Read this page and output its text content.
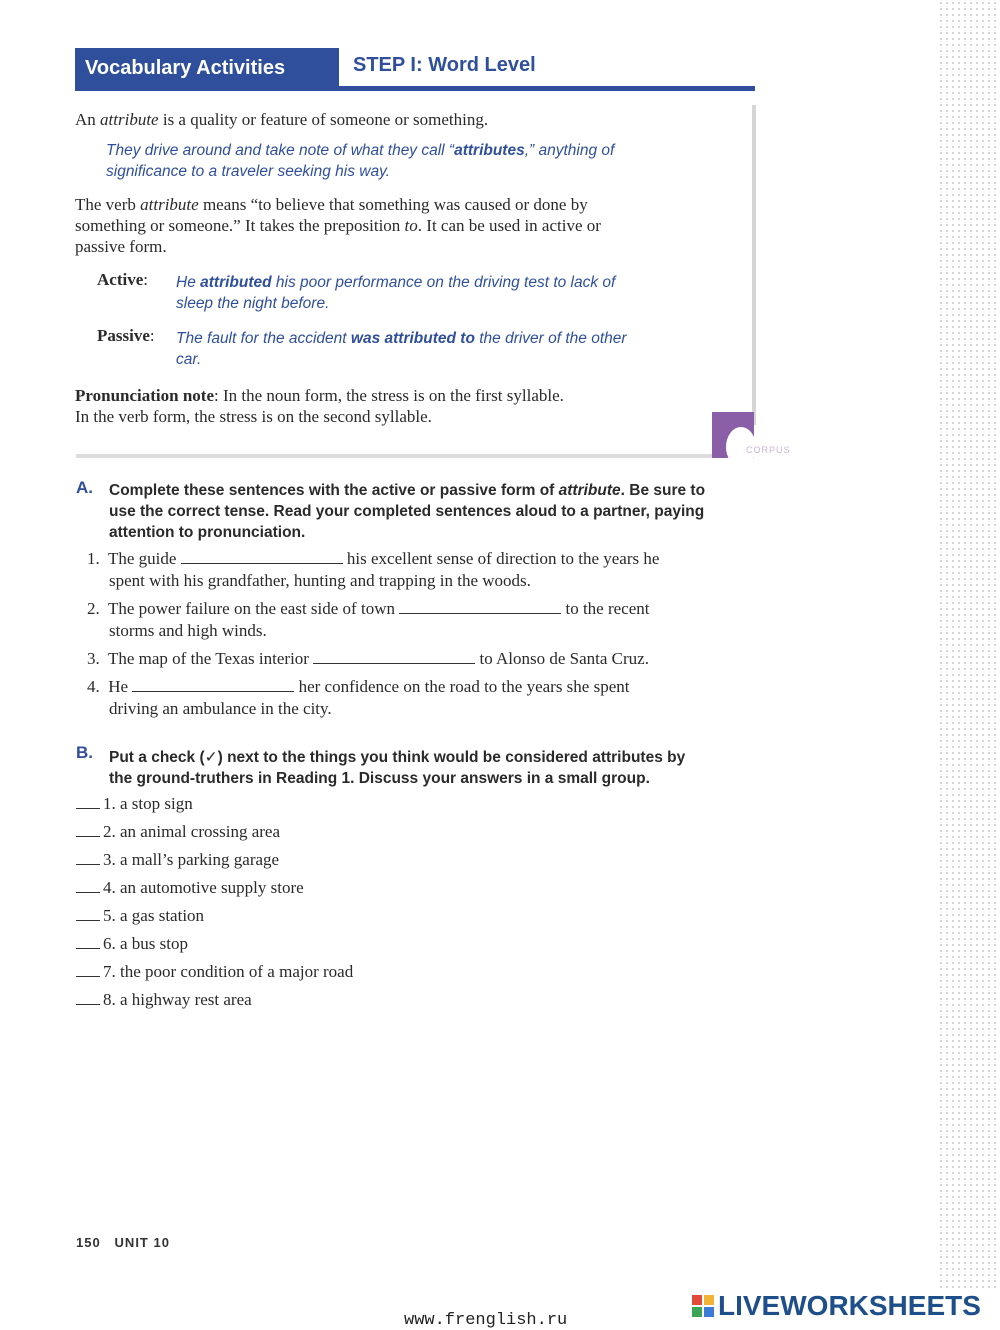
Vocabulary Activities	STEP I: Word Level
CORPUS
An attribute is a quality or feature of someone or something.
They drive around and take note of what they call “attributes,” anything of
significance to a traveler seeking his way.
The verb attribute means “to believe that something was caused or done by
something or someone.” It takes the preposition to. It can be used in active or
passive form.
Active: He attributed his poor performance on the driving test to lack of
sleep the night before.
Passive: The fault for the accident was attributed to the driver of the other
car.
Pronunciation note: In the noun form, the stress is on the first syllable.
In the verb form, the stress is on the second syllable.
A. Complete these sentences with the active or passive form of attribute. Be sure to
use the correct tense. Read your completed sentences aloud to a partner, paying
attention to pronunciation.
1. The guide	his excellent sense of direction to the years he
spent with his grandfather, hunting and trapping in the woods.
2. The power failure on the east side of town	to the recent
storms and high winds.
3. The map of the Texas interior	to Alonso de Santa Cruz.
4. He	her confidence on the road to the years she spent
driving an ambulance in the city.
B. Put a check (✓) next to the things you think would be considered attributes by
the ground-truthers in Reading 1. Discuss your answers in a small group.
1. a stop sign
2. an animal crossing area
3. a mall’s parking garage
4. an automotive supply store
5. a gas station
6. a bus stop
7. the poor condition of a major road
8. a highway rest area
150 UNIT 10
www.frenglish.ru	LIVEWORKSHEETS
